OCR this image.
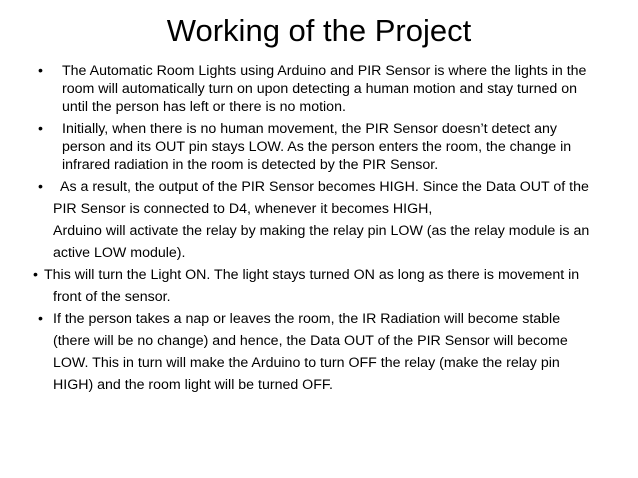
Working of the Project
• The Automatic Room Lights using Arduino and PIR Sensor is where the lights in the
room will automatically turn on upon detecting a human motion and stay turned on
until the person has left or there is no motion.
• Initially, when there is no human movement, the PIR Sensor doesn’t detect any
person and its OUT pin stays LOW. As the person enters the room, the change in
infrared radiation in the room is detected by the PIR Sensor.
• As a result, the output of the PIR Sensor becomes HIGH. Since the Data OUT of the
PIR Sensor is connected to D4, whenever it becomes HIGH,
Arduino will activate the relay by making the relay pin LOW (as the relay module is an
active LOW module).
• This will turn the Light ON. The light stays turned ON as long as there is movement in
front of the sensor.
• If the person takes a nap or leaves the room, the IR Radiation will become stable
(there will be no change) and hence, the Data OUT of the PIR Sensor will become
LOW. This in turn will make the Arduino to turn OFF the relay (make the relay pin
HIGH) and the room light will be turned OFF.
